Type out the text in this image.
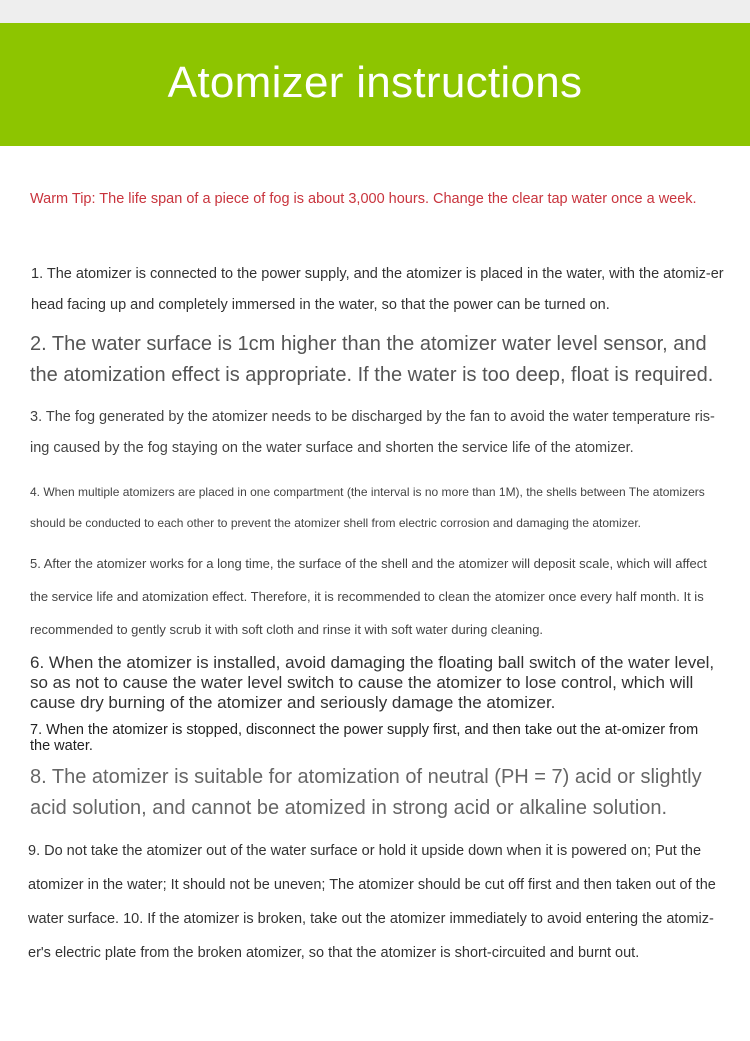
Atomizer instructions
Warm Tip: The life span of a piece of fog is about 3,000 hours. Change the clear tap water once a week.

1. The atomizer is connected to the power supply, and the atomizer is placed in the water, with the atomiz-er head facing up and completely immersed in the water, so that the power can be turned on.

2. The water surface is 1cm higher than the atomizer water level sensor, and the atomization effect is appropriate. If the water is too deep, float is required.

3. The fog generated by the atomizer needs to be discharged by the fan to avoid the water temperature ris-ing caused by the fog staying on the water surface and shorten the service life of the atomizer.

4. When multiple atomizers are placed in one compartment (the interval is no more than 1M), the shells between The atomizers should be conducted to each other to prevent the atomizer shell from electric corrosion and damaging the atomizer.

5. After the atomizer works for a long time, the surface of the shell and the atomizer will deposit scale, which will affect the service life and atomization effect. Therefore, it is recommended to clean the atomizer once every half month. It is recommended to gently scrub it with soft cloth and rinse it with soft water during cleaning.

6. When the atomizer is installed, avoid damaging the floating ball switch of the water level, so as not to cause the water level switch to cause the atomizer to lose control, which will cause dry burning of the atomizer and seriously damage the atomizer.

7. When the atomizer is stopped, disconnect the power supply first, and then take out the at-omizer from the water.

8. The atomizer is suitable for atomization of neutral (PH = 7) acid or slightly acid solution, and cannot be atomized in strong acid or alkaline solution.

9. Do not take the atomizer out of the water surface or hold it upside down when it is powered on; Put the atomizer in the water; It should not be uneven; The atomizer should be cut off first and then taken out of the water surface. 10. If the atomizer is broken, take out the atomizer immediately to avoid entering the atomiz-er's electric plate from the broken atomizer, so that the atomizer is short-circuited and burnt out.
